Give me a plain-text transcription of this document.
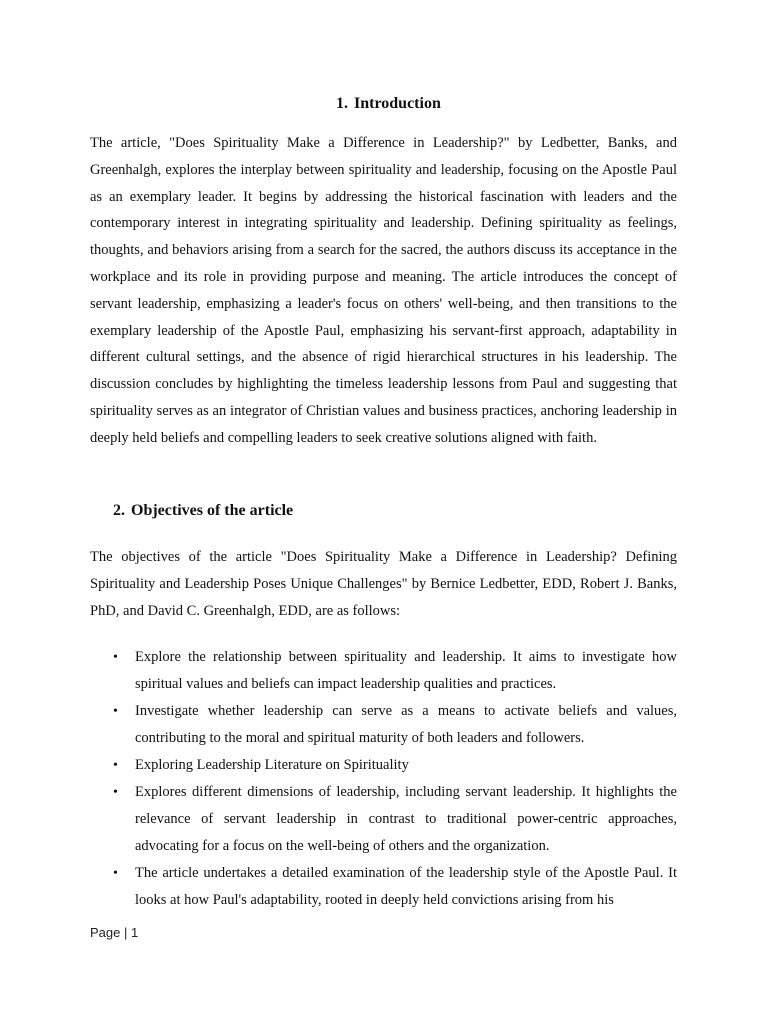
1. Introduction

The article, "Does Spirituality Make a Difference in Leadership?" by Ledbetter, Banks, and Greenhalgh, explores the interplay between spirituality and leadership, focusing on the Apostle Paul as an exemplary leader. It begins by addressing the historical fascination with leaders and the contemporary interest in integrating spirituality and leadership. Defining spirituality as feelings, thoughts, and behaviors arising from a search for the sacred, the authors discuss its acceptance in the workplace and its role in providing purpose and meaning. The article introduces the concept of servant leadership, emphasizing a leader's focus on others' well-being, and then transitions to the exemplary leadership of the Apostle Paul, emphasizing his servant-first approach, adaptability in different cultural settings, and the absence of rigid hierarchical structures in his leadership. The discussion concludes by highlighting the timeless leadership lessons from Paul and suggesting that spirituality serves as an integrator of Christian values and business practices, anchoring leadership in deeply held beliefs and compelling leaders to seek creative solutions aligned with faith.

2. Objectives of the article

The objectives of the article "Does Spirituality Make a Difference in Leadership? Defining Spirituality and Leadership Poses Unique Challenges" by Bernice Ledbetter, EDD, Robert J. Banks, PhD, and David C. Greenhalgh, EDD, are as follows:

• Explore the relationship between spirituality and leadership. It aims to investigate how spiritual values and beliefs can impact leadership qualities and practices.
• Investigate whether leadership can serve as a means to activate beliefs and values, contributing to the moral and spiritual maturity of both leaders and followers.
• Exploring Leadership Literature on Spirituality
• Explores different dimensions of leadership, including servant leadership. It highlights the relevance of servant leadership in contrast to traditional power-centric approaches, advocating for a focus on the well-being of others and the organization.
• The article undertakes a detailed examination of the leadership style of the Apostle Paul. It looks at how Paul's adaptability, rooted in deeply held convictions arising from his
Page | 1
